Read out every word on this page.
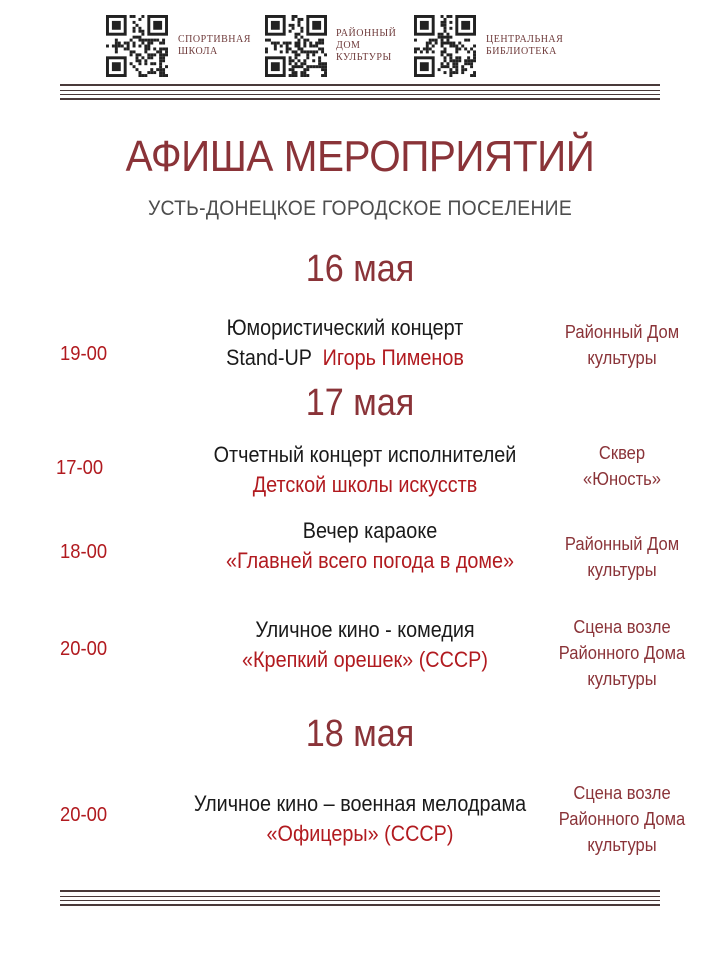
СПОРТИВНАЯ
ШКОЛА
РАЙОННЫЙ
ДОМ
КУЛЬТУРЫ
ЦЕНТРАЛЬНАЯ
БИБЛИОТЕКА
АФИША МЕРОПРИЯТИЙ
УСТЬ-ДОНЕЦКОЕ ГОРОДСКОЕ ПОСЕЛЕНИЕ
16 мая
19-00
Юмористический концерт
Stand-UP  Игорь Пименов
Районный Дом
культуры
17 мая
17-00
Отчетный концерт исполнителей
Детской школы искусств
Сквер
«Юность»
18-00
Вечер караоке
«Главней всего погода в доме»
Районный Дом
культуры
20-00
Уличное кино - комедия
«Крепкий орешек» (СССР)
Сцена возле
Районного Дома
культуры
18 мая
20-00	Уличное кино – военная мелодрама
«Офицеры» (СССР)
Сцена возле
Районного Дома
культуры
